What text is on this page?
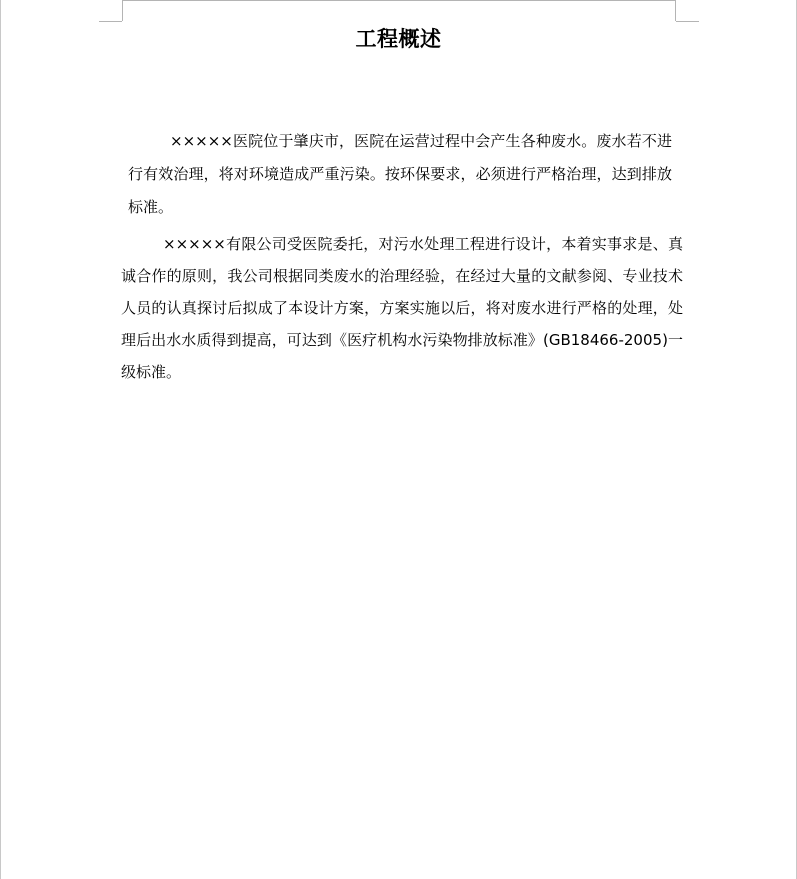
工程概述

×××××医院位于肇庆市，医院在运营过程中会产生各种废水。废水若不进行有效治理，将对环境造成严重污染。按环保要求，必须进行严格治理，达到排放标准。

×××××有限公司受医院委托，对污水处理工程进行设计，本着实事求是、真诚合作的原则，我公司根据同类废水的治理经验，在经过大量的文献参阅、专业技术人员的认真探讨后拟成了本设计方案，方案实施以后，将对废水进行严格的处理，处理后出水水质得到提高，可达到《医疗机构水污染物排放标准》(GB18466-2005)一级标准。
